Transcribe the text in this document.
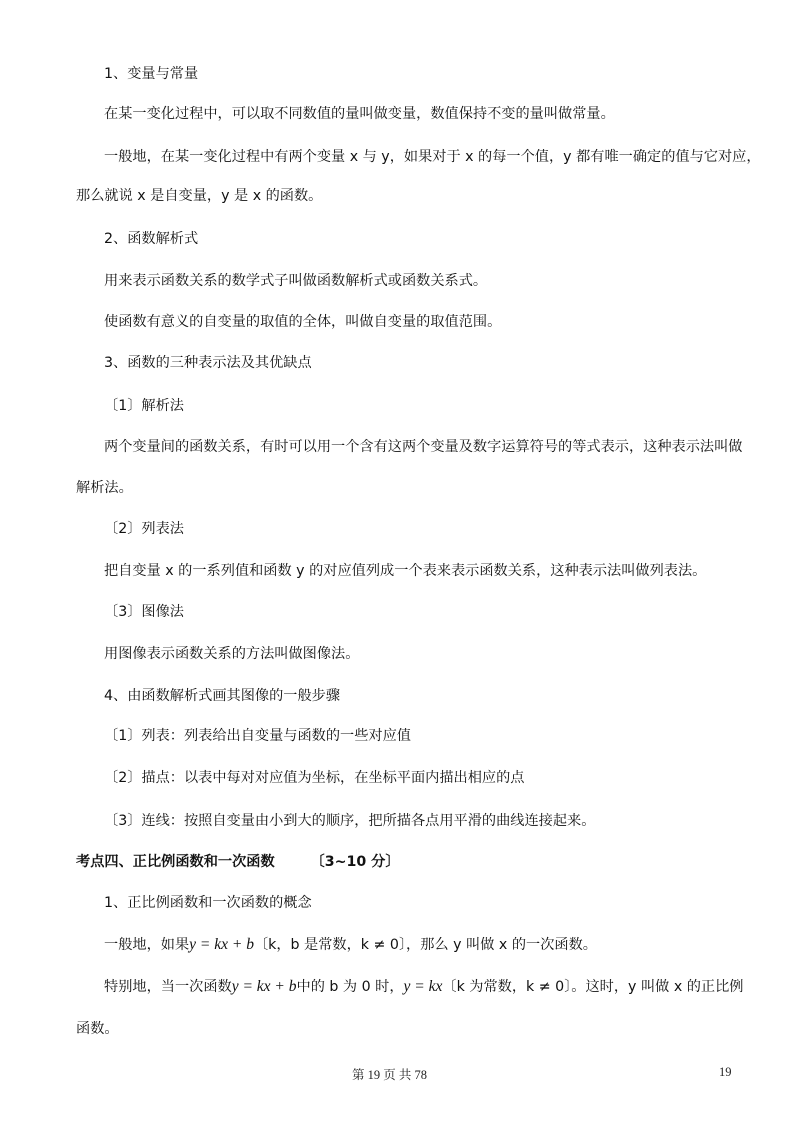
1、变量与常量
在某一变化过程中，可以取不同数值的量叫做变量，数值保持不变的量叫做常量。
一般地，在某一变化过程中有两个变量 x 与 y，如果对于 x 的每一个值，y 都有唯一确定的值与它对应，
那么就说 x 是自变量，y 是 x 的函数。
2、函数解析式
用来表示函数关系的数学式子叫做函数解析式或函数关系式。
使函数有意义的自变量的取值的全体，叫做自变量的取值范围。
3、函数的三种表示法及其优缺点
〔1〕解析法
两个变量间的函数关系，有时可以用一个含有这两个变量及数字运算符号的等式表示，这种表示法叫做
解析法。
〔2〕列表法
把自变量 x 的一系列值和函数 y 的对应值列成一个表来表示函数关系，这种表示法叫做列表法。
〔3〕图像法
用图像表示函数关系的方法叫做图像法。
4、由函数解析式画其图像的一般步骤
〔1〕列表：列表给出自变量与函数的一些对应值
〔2〕描点：以表中每对对应值为坐标，在坐标平面内描出相应的点
〔3〕连线：按照自变量由小到大的顺序，把所描各点用平滑的曲线连接起来。
考点四、正比例函数和一次函数	〔3~10 分〕
1、正比例函数和一次函数的概念
一般地，如果y = kx + b〔k，b 是常数，k ≠ 0〕，那么 y 叫做 x 的一次函数。
特别地，当一次函数y = kx + b中的 b 为 0 时，y = kx〔k 为常数，k ≠ 0〕。这时，y 叫做 x 的正比例
函数。
第 19 页 共 78	19
